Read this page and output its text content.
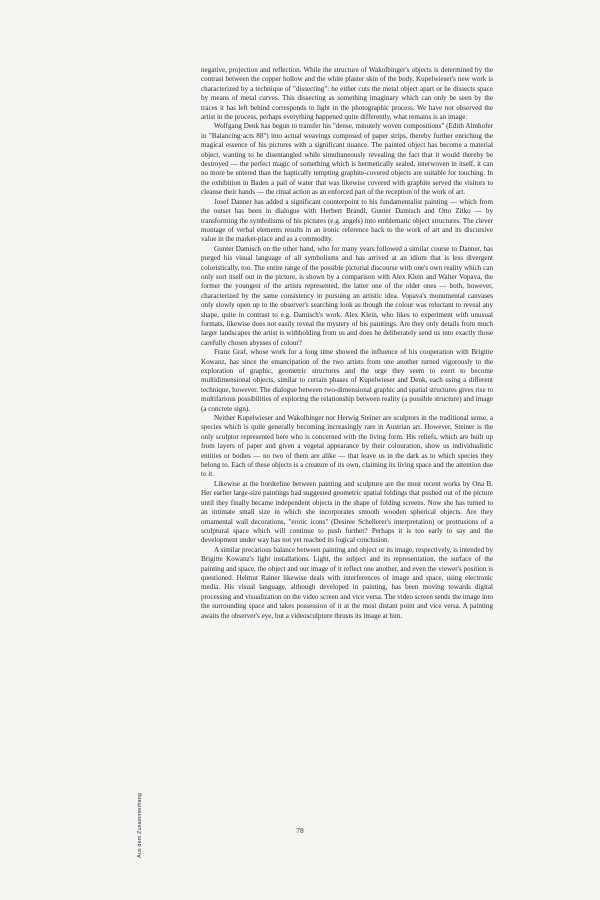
negative, projection and reflection. While the structure of Wakolbinger's objects is determined by the contrast between the copper hollow and the white plaster skin of the body, Kupelwieser's new work is characterized by a technique of "dissecting": he either cuts the metal object apart or he dissects space by means of metal curves. This dissecting as something imaginary which can only be seen by the traces it has left behind corresponds to light in the photographic process. We have not observed the artist in the process, perhaps everything happened quite differently, what remains is an image.

Wolfgang Denk has begun to transfer his "dense, minutely woven compositions" (Edith Almhofer in "Balancing·acts 88") into actual weavings composed of paper strips, thereby further enriching the magical essence of his pictures with a significant nuance. The painted object has become a material object, wanting to be disentangled while simultaneously revealing the fact that it would thereby be destroyed — the perfect magic of something which is hermetically sealed, interwoven in itself, it can no more be entered than the haptically tempting graphite-covered objects are suitable for touching. In the exhibition in Baden a pail of water that was likewise covered with graphite served the visitors to cleanse their hands — the ritual action as an enforced part of the reception of the work of art.

Josef Danner has added a significant counterpoint to his fundamentalist painting — which from the outset has been in dialogue with Herbert Brandl, Gunter Damisch and Otto Zitko — by transforming the symbolisms of his pictures (e.g. angels) into emblematic object structures. The clever montage of verbal elements results in an ironic reference back to the work of art and its discursive value in the market-place and as a commodity.

Gunter Damisch on the other hand, who for many years followed a similar course to Danner, has purged his visual language of all symbolisms and has arrived at an idiom that is less divergent coloristically, too. The entire range of the possible pictorial discourse with one's own reality which can only sort itself out in the picture, is shown by a comparison with Alex Klein and Walter Vopava, the former the youngest of the artists represented, the latter one of the older ones — both, however, characterized by the same consistency in pursuing an artistic idea. Vopava's monumental canvases only slowly open up to the observer's searching look as though the colour was reluctant to reveal any shape, quite in contrast to e.g. Damisch's work. Alex Klein, who likes to experiment with unusual formats, likewise does not easily reveal the mystery of his paintings. Are they only details from much larger landscapes the artist is withholding from us and does he deliberately send us into exactly those carefully chosen abysses of colour?

Franz Graf, whose work for a long time showed the influence of his cooperation with Brigitte Kowanz, has since the emancipation of the two artists from one another turned vigorously to the exploration of graphic, geometric structures and the urge they seem to exert to become multidimensional objects, similar to certain phases of Kupelwieser and Denk, each using a different technique, however. The dialogue between two-dimensional graphic and spatial structures gives rise to multifarious possibilities of exploring the relationship between reality (a possible structure) and image (a concrete sign).

Neither Kupelwieser and Wakolbinger nor Herwig Steiner are sculptors in the traditional sense, a species which is quite generally becoming increasingly rare in Austrian art. However, Steiner is the only sculptor represented here who is concerned with the living form. His reliefs, which are built up from layers of paper and given a vegetal appearance by their colouration, show us individualistic entities or bodies — no two of them are alike — that leave us in the dark as to which species they belong to. Each of these objects is a creature of its own, claiming its living space and the attention due to it.

Likewise at the borderline between painting and sculpture are the most recent works by Ona B. Her earlier large-size paintings had suggested geometric spatial foldings that pushed out of the picture until they finally became independent objects in the shape of folding screens. Now she has turned to an intimate small size in which she incorporates smooth wooden spherical objects. Are they ornamental wall decorations, "erotic icons" (Desiree Schellerer's interpretation) or protrusions of a sculptural space which will continue to push further? Perhaps it is too early to say and the development under way has not yet reached its logical conclusion.

A similar precarious balance between painting and object or its image, respectively, is intended by Brigitte Kowanz's light installations. Light, the subject and its representation, the surface of the painting and space, the object and our image of it reflect one another, and even the viewer's position is questioned. Helmut Rainer likewise deals with interferences of image and space, using electronic media. His visual language, although developed in painting, has been moving towards digital processing and visualization on the video screen and vice versa. The video screen sends the image into the surrounding space and takes possession of it at the most distant point and vice versa. A painting awaits the observer's eye, but a videosculpture thrusts its image at him.

78
Aus dem Zusammenhang
